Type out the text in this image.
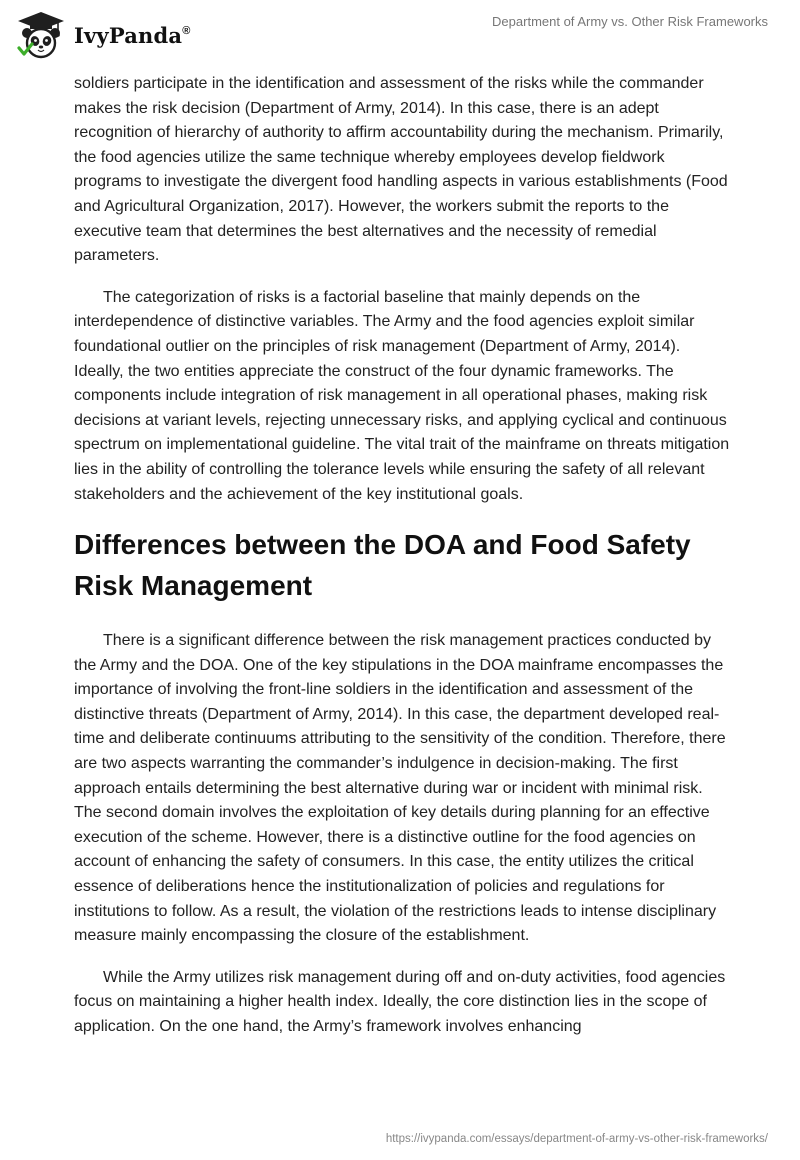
IvyPanda®
Department of Army vs. Other Risk Frameworks

soldiers participate in the identification and assessment of the risks while the commander makes the risk decision (Department of Army, 2014). In this case, there is an adept recognition of hierarchy of authority to affirm accountability during the mechanism. Primarily, the food agencies utilize the same technique whereby employees develop fieldwork programs to investigate the divergent food handling aspects in various establishments (Food and Agricultural Organization, 2017). However, the workers submit the reports to the executive team that determines the best alternatives and the necessity of remedial parameters.

The categorization of risks is a factorial baseline that mainly depends on the interdependence of distinctive variables. The Army and the food agencies exploit similar foundational outlier on the principles of risk management (Department of Army, 2014). Ideally, the two entities appreciate the construct of the four dynamic frameworks. The components include integration of risk management in all operational phases, making risk decisions at variant levels, rejecting unnecessary risks, and applying cyclical and continuous spectrum on implementational guideline. The vital trait of the mainframe on threats mitigation lies in the ability of controlling the tolerance levels while ensuring the safety of all relevant stakeholders and the achievement of the key institutional goals.

Differences between the DOA and Food Safety Risk Management

There is a significant difference between the risk management practices conducted by the Army and the DOA. One of the key stipulations in the DOA mainframe encompasses the importance of involving the front-line soldiers in the identification and assessment of the distinctive threats (Department of Army, 2014). In this case, the department developed real-time and deliberate continuums attributing to the sensitivity of the condition. Therefore, there are two aspects warranting the commander’s indulgence in decision-making. The first approach entails determining the best alternative during war or incident with minimal risk. The second domain involves the exploitation of key details during planning for an effective execution of the scheme. However, there is a distinctive outline for the food agencies on account of enhancing the safety of consumers. In this case, the entity utilizes the critical essence of deliberations hence the institutionalization of policies and regulations for institutions to follow. As a result, the violation of the restrictions leads to intense disciplinary measure mainly encompassing the closure of the establishment.

While the Army utilizes risk management during off and on-duty activities, food agencies focus on maintaining a higher health index. Ideally, the core distinction lies in the scope of application. On the one hand, the Army’s framework involves enhancing

https://ivypanda.com/essays/department-of-army-vs-other-risk-frameworks/
